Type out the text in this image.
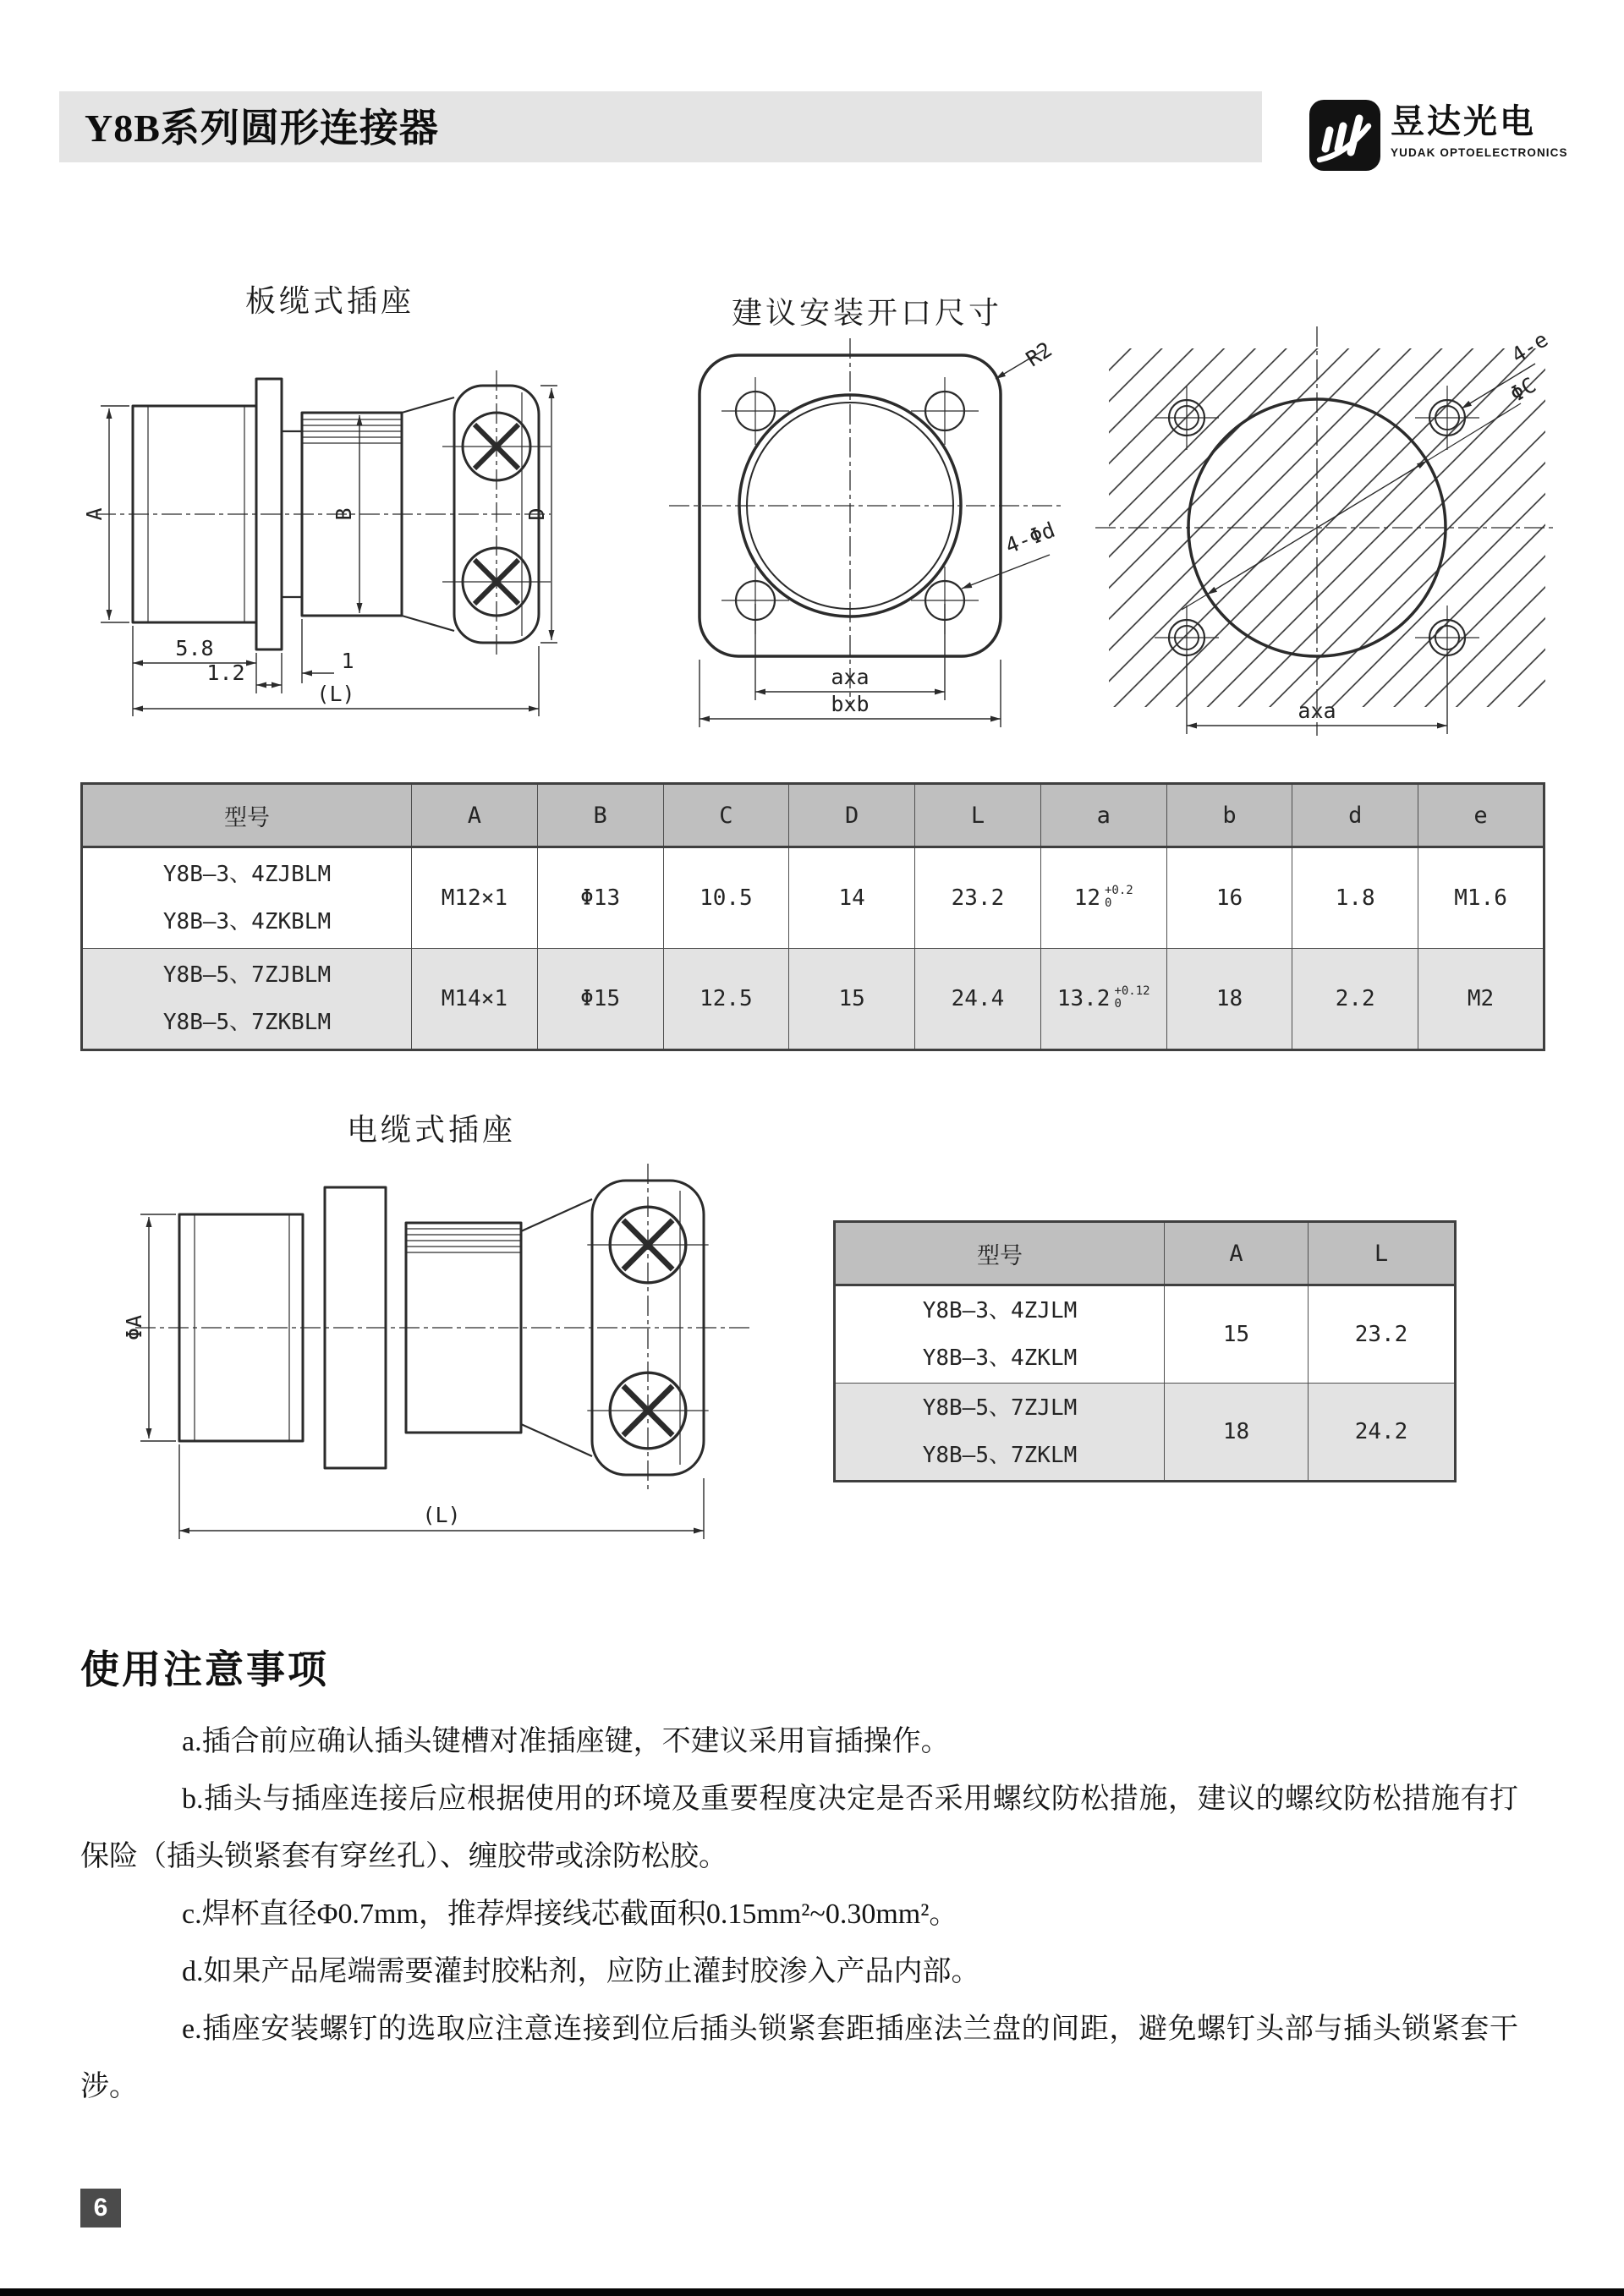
Y8B系列圆形连接器	昱达光电
YUDAK OPTOELECTRONICS
板缆式插座	建议安装开口尺寸
电缆式插座
A	B	D
5.8
1.2	1
(L)
R2
4-Φd
axa
bxb
ΦC
4-e
axa
型号	A	B	C	D	L	a	b	d	e

Y8B—3、4ZJBLM
Y8B—3、4ZKBLM
	M12×1	Φ13	10.5	14	23.2	12 +0.2
0	16	1.8	M1.6

Y8B—5、7ZJBLM
Y8B—5、7ZKBLM
	M14×1	Φ15	12.5	15	24.4	13.2 +0.12
0	18	2.2	M2
ΦA
(L)
型号	A	L

Y8B—3、4ZJLM
Y8B—3、4ZKLM	15	23.2

Y8B—5、7ZJLM
Y8B—5、7ZKLM	18	24.2
使用注意事项

a.插合前应确认插头键槽对准插座键，不建议采用盲插操作。

b.插头与插座连接后应根据使用的环境及重要程度决定是否采用螺纹防松措施，建议的螺纹防松措施有打保险（插头锁紧套有穿丝孔）、缠胶带或涂防松胶。

c.焊杯直径Φ0.7mm，推荐焊接线芯截面积0.15mm²~0.30mm²。

d.如果产品尾端需要灌封胶粘剂，应防止灌封胶渗入产品内部。

e.插座安装螺钉的选取应注意连接到位后插头锁紧套距插座法兰盘的间距，避免螺钉头部与插头锁紧套干涉。

6
